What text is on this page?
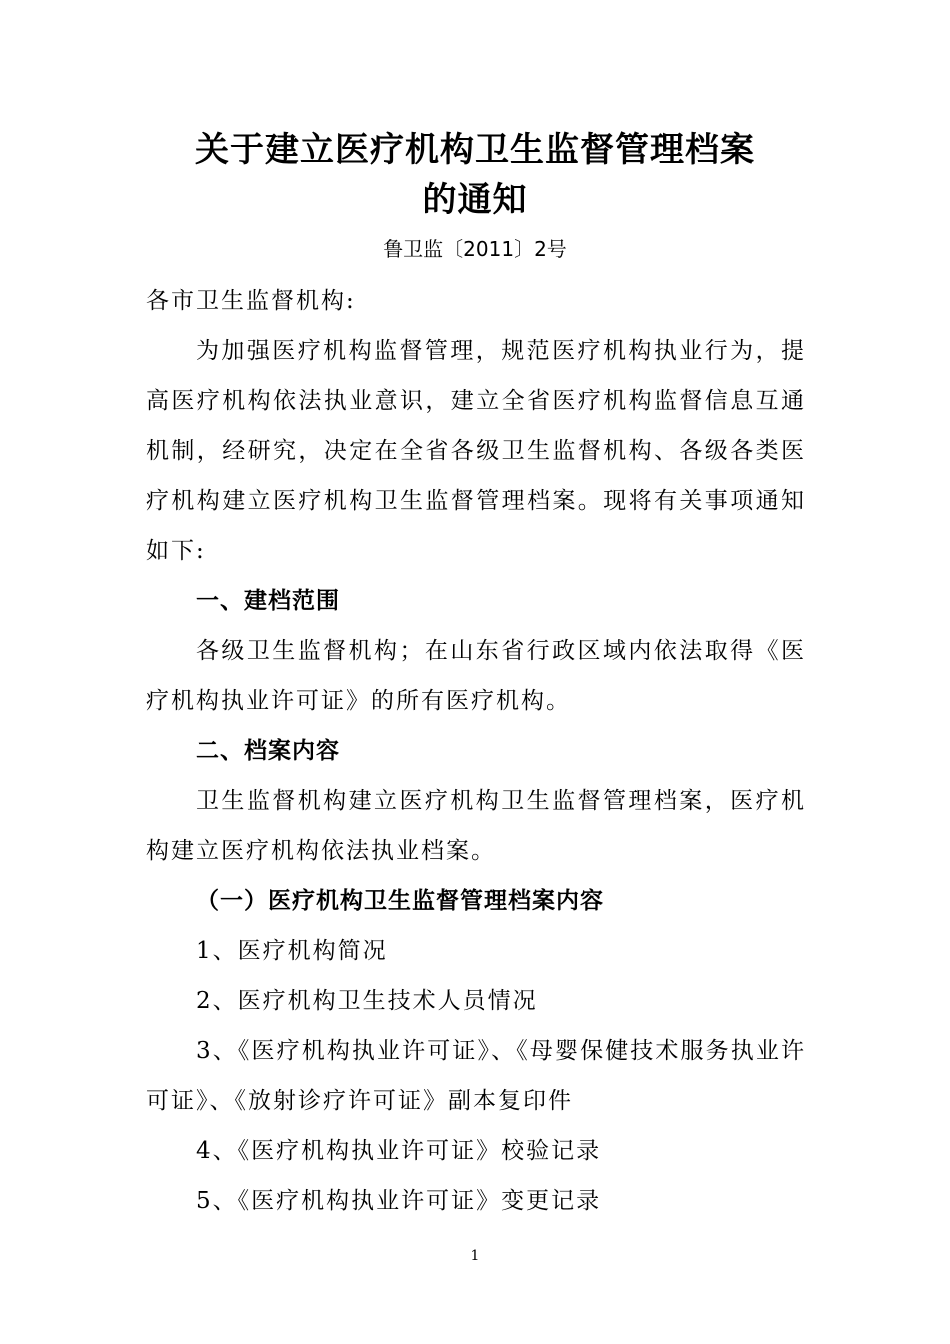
关于建立医疗机构卫生监督管理档案
的通知
鲁卫监〔2011〕2号

各市卫生监督机构:

为加强医疗机构监督管理，规范医疗机构执业行为，提高医疗机构依法执业意识，建立全省医疗机构监督信息互通机制，经研究，决定在全省各级卫生监督机构、各级各类医疗机构建立医疗机构卫生监督管理档案。现将有关事项通知如下:

一、建档范围

各级卫生监督机构；在山东省行政区域内依法取得《医疗机构执业许可证》的所有医疗机构。

二、档案内容

卫生监督机构建立医疗机构卫生监督管理档案，医疗机构建立医疗机构依法执业档案。

（一）医疗机构卫生监督管理档案内容

1、医疗机构简况

2、医疗机构卫生技术人员情况

3、《医疗机构执业许可证》、《母婴保健技术服务执业许可证》、《放射诊疗许可证》副本复印件

4、《医疗机构执业许可证》校验记录

5、《医疗机构执业许可证》变更记录

1
